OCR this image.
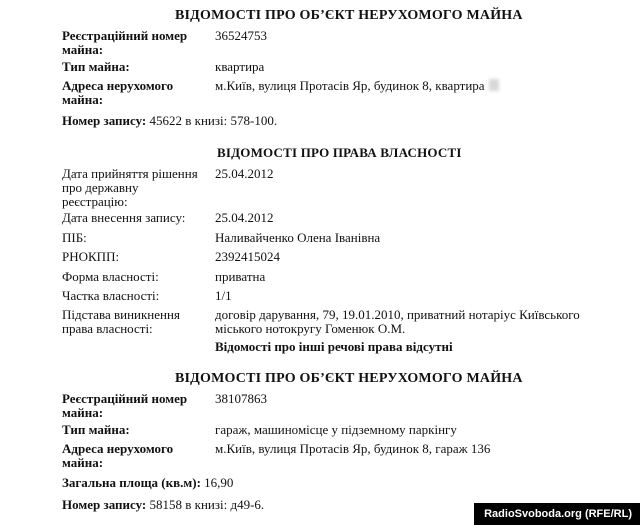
ВІДОМОСТІ ПРО ОБ’ЄКТ НЕРУХОМОГО МАЙНА
Реєстраційний номер
майна:
36524753
Тип майна:	квартира
Адреса нерухомого
майна:
м.Київ, вулиця Протасів Яр, будинок 8, квартира
Номер запису: 45622 в книзі: 578-100.
ВІДОМОСТІ ПРО ПРАВА ВЛАСНОСТІ
Дата прийняття рішення
про державну
реєстрацію:
25.04.2012
Дата внесення запису: 25.04.2012
ПІБ:	Наливайченко Олена Іванівна
РНОКПП:	2392415024
Форма власності:	приватна
Частка власності:	1/1
Підстава виникнення
права власності:
договір дарування, 79, 19.01.2010, приватний нотаріус Київського
міського нотокругу Гоменюк О.М.
Відомості про інші речові права відсутні
ВІДОМОСТІ ПРО ОБ’ЄКТ НЕРУХОМОГО МАЙНА
Реєстраційний номер
майна:
38107863
Тип майна:	гараж, машиномісце у підземному паркінгу
Адреса нерухомого
майна:
м.Київ, вулиця Протасів Яр, будинок 8, гараж 136
Загальна площа (кв.м): 16,90
Номер запису: 58158 в книзі: д49-6.
RadioSvoboda.org (RFE/RL)
